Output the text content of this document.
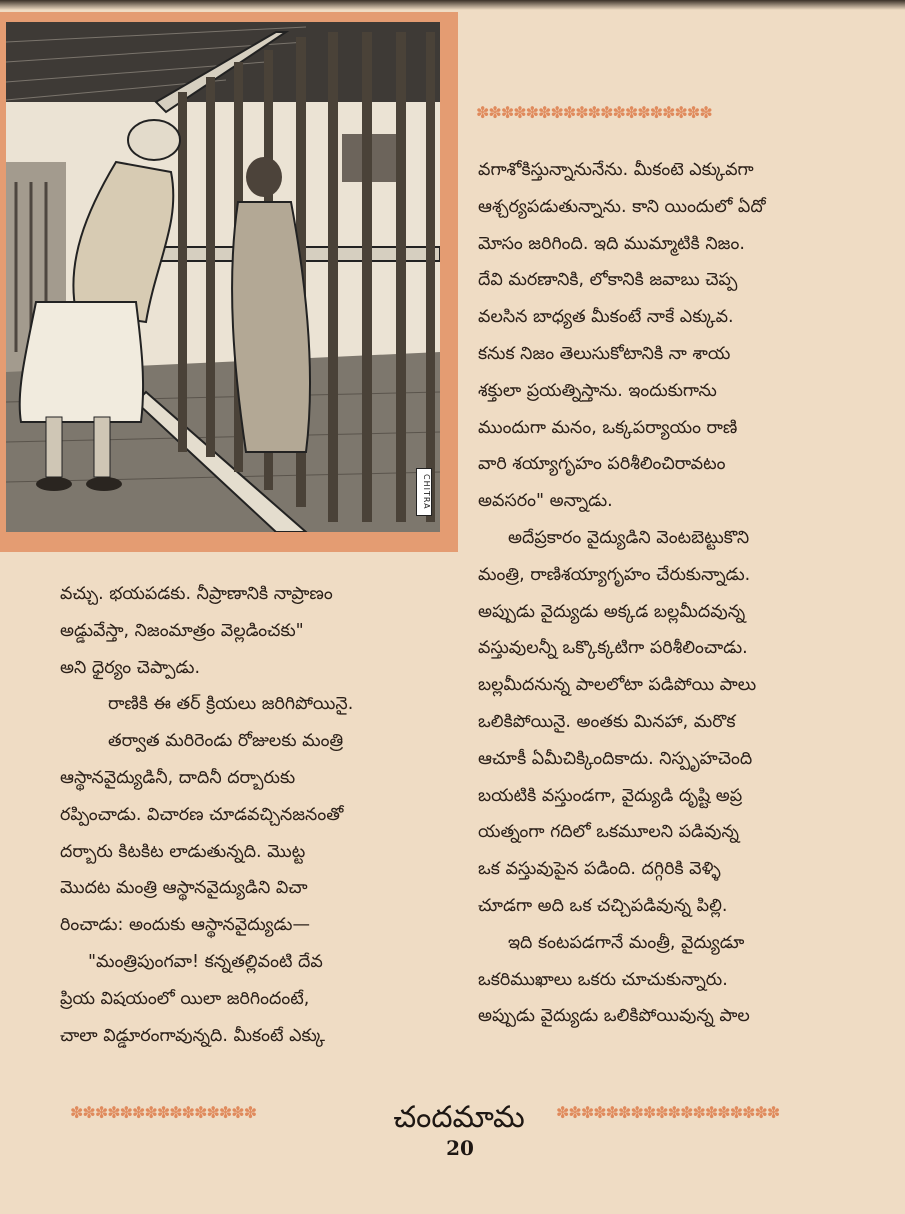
CHITRA
✽✽✽✽✽✽✽✽✽✽✽✽✽✽✽✽✽✽✽

వచ్చు. భయపడకు. నీప్రాణానికి నాప్రాణం

అడ్డువేస్తా, నిజంమాత్రం వెల్లడించకు"

అని ధైర్యం చెప్పాడు.

రాణికి ఈ తర్ క్రియలు జరిగిపోయినై.

తర్వాత మరిరెండు రోజులకు మంత్రి

ఆస్థానవైద్యుడినీ, దాదినీ దర్బారుకు

రప్పించాడు. విచారణ చూడవచ్చినజనంతో

దర్బారు కిటకిట లాడుతున్నది. మొట్ట

మొదట మంత్రి ఆస్థానవైద్యుడిని విచా

రించాడు: అందుకు ఆస్థానవైద్యుడు—

"మంత్రిపుంగవా! కన్నతల్లివంటి దేవ

ప్రియ విషయంలో యిలా జరిగిందంటే,

చాలా విడ్డూరంగావున్నది. మీకంటే ఎక్కు

వగాశోకిస్తున్నానునేను. మీకంటె ఎక్కువగా

ఆశ్చర్యపడుతున్నాను. కాని యిందులో ఏదో

మోసం జరిగింది. ఇది ముమ్మాటికి నిజం.

దేవి మరణానికి, లోకానికి జవాబు చెప్ప

వలసిన బాధ్యత మీకంటే నాకే ఎక్కువ.

కనుక నిజం తెలుసుకోటానికి నా శాయ

శక్తులా ప్రయత్నిస్తాను. ఇందుకుగాను

ముందుగా మనం, ఒక్కపర్యాయం రాణి

వారి శయ్యాగృహం పరిశీలించిరావటం

అవసరం" అన్నాడు.

అదేప్రకారం వైద్యుడిని వెంటబెట్టుకొని

మంత్రి, రాణిశయ్యాగృహం చేరుకున్నాడు.

అప్పుడు వైద్యుడు అక్కడ బల్లమీదవున్న

వస్తువులన్నీ ఒక్కొక్కటిగా పరిశీలించాడు.

బల్లమీదనున్న పాలలోటా పడిపోయి పాలు

ఒలికిపోయినై. అంతకు మినహా, మరొక

ఆచూకీ ఏమీచిక్కిందికాదు. నిస్పృహచెంది

బయటికి వస్తుండగా, వైద్యుడి దృష్టి అప్ర

యత్నంగా గదిలో ఒకమూలని పడివున్న

ఒక వస్తువుపైన పడింది. దగ్గిరికి వెళ్ళి

చూడగా అది ఒక చచ్చిపడివున్న పిల్లి.

ఇది కంటపడగానే మంత్రీ, వైద్యుడూ

ఒకరిముఖాలు ఒకరు చూచుకున్నారు.

అప్పుడు వైద్యుడు ఒలికిపోయివున్న పాల

✽✽✽✽✽✽✽✽✽✽✽✽✽✽✽	చందమామ	✽✽✽✽✽✽✽✽✽✽✽✽✽✽✽✽✽✽
20
